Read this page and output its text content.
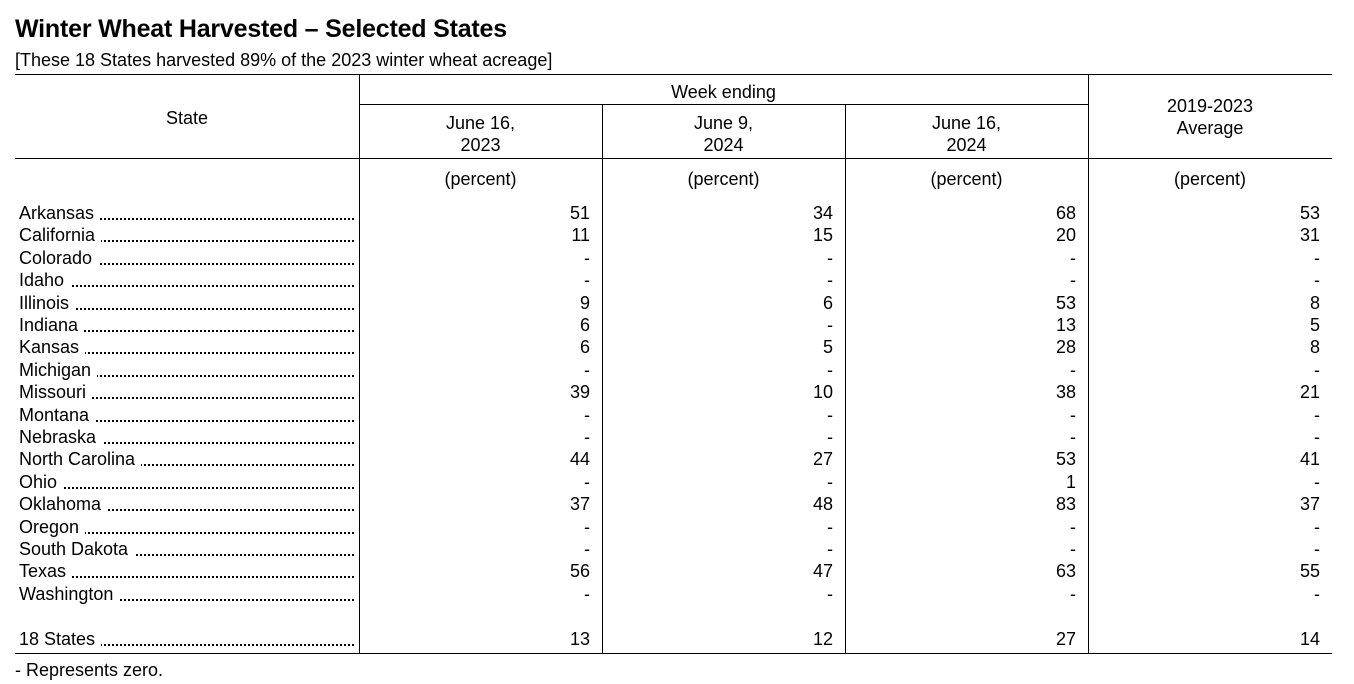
Winter Wheat Harvested – Selected States
[These 18 States harvested 89% of the 2023 winter wheat acreage]
State
Week ending
June 16,
2023
June 9,
2024
June 16,
2024
2019-2023
Average
(percent)	(percent)	(percent)	(percent)
Arkansas	51	34	68	53
California	11	15	20	31
Colorado	-	-	-	-
Idaho	-	-	-	-
Illinois	9	6	53	8
Indiana	6	-	13	5
Kansas	6	5	28	8
Michigan	-	-	-	-
Missouri	39	10	38	21
Montana	-	-	-	-
Nebraska	-	-	-	-
North Carolina	44	27	53	41
Ohio	-	-	1	-
Oklahoma	37	48	83	37
Oregon	-	-	-	-
South Dakota	-	-	-	-
Texas	56	47	63	55
Washington	-	-	-	-
18 States	13	12	27	14
- Represents zero.
